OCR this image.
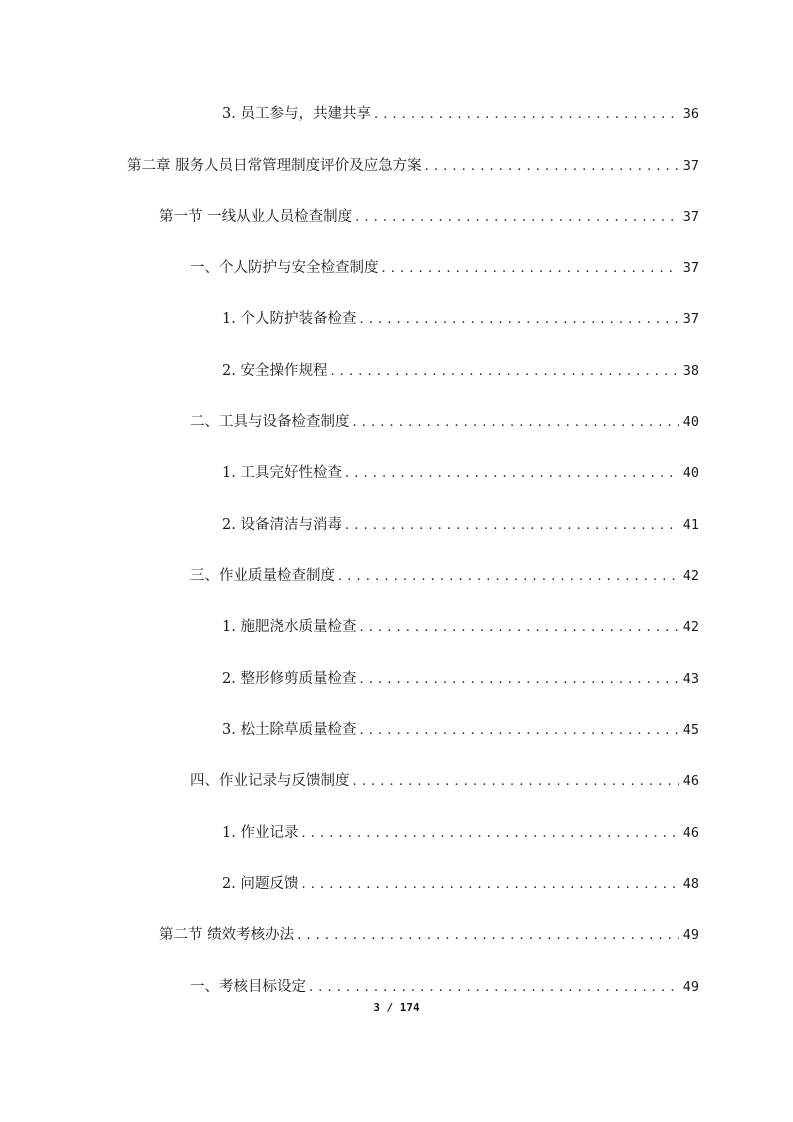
3. 员工参与，共建共享 . . .	36
第二章 服务人员日常管理制度评价及应急方案 . . .	37
第一节 一线从业人员检查制度 . . .	37
一、个人防护与安全检查制度 . . .	37
1. 个人防护装备检查 . . .	37
2. 安全操作规程 . . .	38
二、工具与设备检查制度 . . .	40
1. 工具完好性检查 . . .	40
2. 设备清洁与消毒 . . .	41
三、作业质量检查制度 . . .	42
1. 施肥浇水质量检查 . . .	42
2. 整形修剪质量检查 . . .	43
3. 松土除草质量检查 . . .	45
四、作业记录与反馈制度 . . .	46
1. 作业记录 . . .	46
2. 问题反馈 . . .	48
第二节 绩效考核办法 . . .	49
一、考核目标设定 . . .	49
3 / 174
